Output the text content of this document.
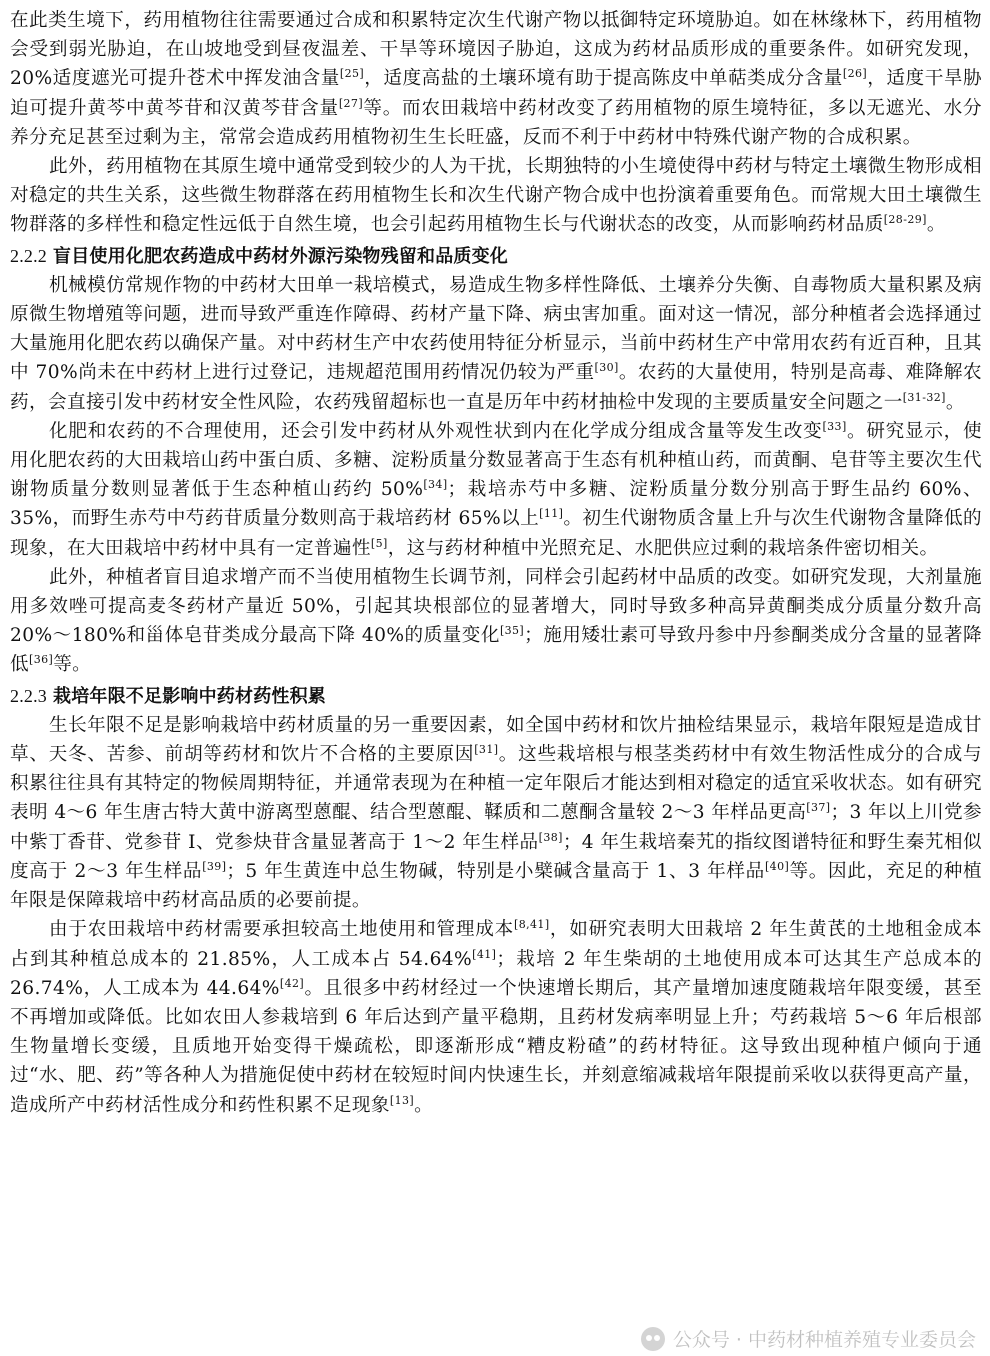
在此类生境下，药用植物往往需要通过合成和积累特定次生代谢产物以抵御特定环境胁迫。如在林缘林下，药用植物会受到弱光胁迫，在山坡地受到昼夜温差、干旱等环境因子胁迫，这成为药材品质形成的重要条件。如研究发现，20%适度遮光可提升苍术中挥发油含量[25]，适度高盐的土壤环境有助于提高陈皮中单萜类成分含量[26]，适度干旱胁迫可提升黄芩中黄芩苷和汉黄芩苷含量[27]等。而农田栽培中药材改变了药用植物的原生境特征，多以无遮光、水分养分充足甚至过剩为主，常常会造成药用植物初生生长旺盛，反而不利于中药材中特殊代谢产物的合成积累。

此外，药用植物在其原生境中通常受到较少的人为干扰，长期独特的小生境使得中药材与特定土壤微生物形成相对稳定的共生关系，这些微生物群落在药用植物生长和次生代谢产物合成中也扮演着重要角色。而常规大田土壤微生物群落的多样性和稳定性远低于自然生境，也会引起药用植物生长与代谢状态的改变，从而影响药材品质[28-29]。

2.2.2 盲目使用化肥农药造成中药材外源污染物残留和品质变化

机械模仿常规作物的中药材大田单一栽培模式，易造成生物多样性降低、土壤养分失衡、自毒物质大量积累及病原微生物增殖等问题，进而导致严重连作障碍、药材产量下降、病虫害加重。面对这一情况，部分种植者会选择通过大量施用化肥农药以确保产量。对中药材生产中农药使用特征分析显示，当前中药材生产中常用农药有近百种，且其中 70%尚未在中药材上进行过登记，违规超范围用药情况仍较为严重[30]。农药的大量使用，特别是高毒、难降解农药，会直接引发中药材安全性风险，农药残留超标也一直是历年中药材抽检中发现的主要质量安全问题之一[31-32]。

化肥和农药的不合理使用，还会引发中药材从外观性状到内在化学成分组成含量等发生改变[33]。研究显示，使用化肥农药的大田栽培山药中蛋白质、多糖、淀粉质量分数显著高于生态有机种植山药，而黄酮、皂苷等主要次生代谢物质量分数则显著低于生态种植山药约 50%[34]；栽培赤芍中多糖、淀粉质量分数分别高于野生品约 60%、35%，而野生赤芍中芍药苷质量分数则高于栽培药材 65%以上[11]。初生代谢物质含量上升与次生代谢物含量降低的现象，在大田栽培中药材中具有一定普遍性[5]，这与药材种植中光照充足、水肥供应过剩的栽培条件密切相关。

此外，种植者盲目追求增产而不当使用植物生长调节剂，同样会引起药材中品质的改变。如研究发现，大剂量施用多效唑可提高麦冬药材产量近 50%，引起其块根部位的显著增大，同时导致多种高异黄酮类成分质量分数升高 20%～180%和甾体皂苷类成分最高下降 40%的质量变化[35]；施用矮壮素可导致丹参中丹参酮类成分含量的显著降低[36]等。

2.2.3 栽培年限不足影响中药材药性积累

生长年限不足是影响栽培中药材质量的另一重要因素，如全国中药材和饮片抽检结果显示，栽培年限短是造成甘草、天冬、苦参、前胡等药材和饮片不合格的主要原因[31]。这些栽培根与根茎类药材中有效生物活性成分的合成与积累往往具有其特定的物候周期特征，并通常表现为在种植一定年限后才能达到相对稳定的适宜采收状态。如有研究表明 4～6 年生唐古特大黄中游离型蒽醌、结合型蒽醌、鞣质和二蒽酮含量较 2～3 年样品更高[37]；3 年以上川党参中紫丁香苷、党参苷 I、党参炔苷含量显著高于 1～2 年生样品[38]；4 年生栽培秦艽的指纹图谱特征和野生秦艽相似度高于 2～3 年生样品[39]；5 年生黄连中总生物碱，特别是小檗碱含量高于 1、3 年样品[40]等。因此，充足的种植年限是保障栽培中药材高品质的必要前提。

由于农田栽培中药材需要承担较高土地使用和管理成本[8,41]，如研究表明大田栽培 2 年生黄芪的土地租金成本占到其种植总成本的 21.85%，人工成本占 54.64%[41]；栽培 2 年生柴胡的土地使用成本可达其生产总成本的 26.74%，人工成本为 44.64%[42]。且很多中药材经过一个快速增长期后，其产量增加速度随栽培年限变缓，甚至不再增加或降低。比如农田人参栽培到 6 年后达到产量平稳期，且药材发病率明显上升；芍药栽培 5～6 年后根部生物量增长变缓，且质地开始变得干燥疏松，即逐渐形成“糟皮粉碴”的药材特征。这导致出现种植户倾向于通过“水、肥、药”等各种人为措施促使中药材在较短时间内快速生长，并刻意缩减栽培年限提前采收以获得更高产量，造成所产中药材活性成分和药性积累不足现象[13]。

公众号 · 中药材种植养殖专业委员会
